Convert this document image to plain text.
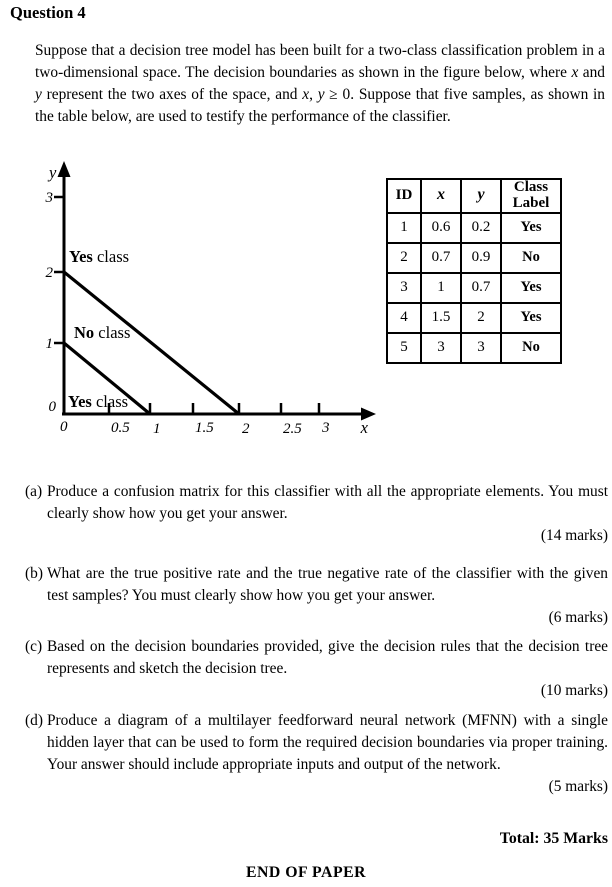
Question 4
Suppose that a decision tree model has been built for a two-class classification problem in a two-dimensional space. The decision boundaries as shown in the figure below, where x and y represent the two axes of the space, and x, y ≥ 0. Suppose that five samples, as shown in the table below, are used to testify the performance of the classifier.
y
x
3
2
1
0
0	0.5 1 1.5 2 2.5 3
Yes class
No class
Yes class
ID	x	y	Class Label
1	0.6	0.2	Yes
2	0.7	0.9	No
3	1	0.7	Yes
4	1.5	2	Yes
5	3	3	No
(a) Produce a confusion matrix for this classifier with all the appropriate elements. You must clearly show how you get your answer.
(14 marks)
(b) What are the true positive rate and the true negative rate of the classifier with the given test samples? You must clearly show how you get your answer.
(6 marks)
(c) Based on the decision boundaries provided, give the decision rules that the decision tree represents and sketch the decision tree.
(10 marks)
(d) Produce a diagram of a multilayer feedforward neural network (MFNN) with a single hidden layer that can be used to form the required decision boundaries via proper training. Your answer should include appropriate inputs and output of the network.
(5 marks)
Total: 35 Marks
END OF PAPER
